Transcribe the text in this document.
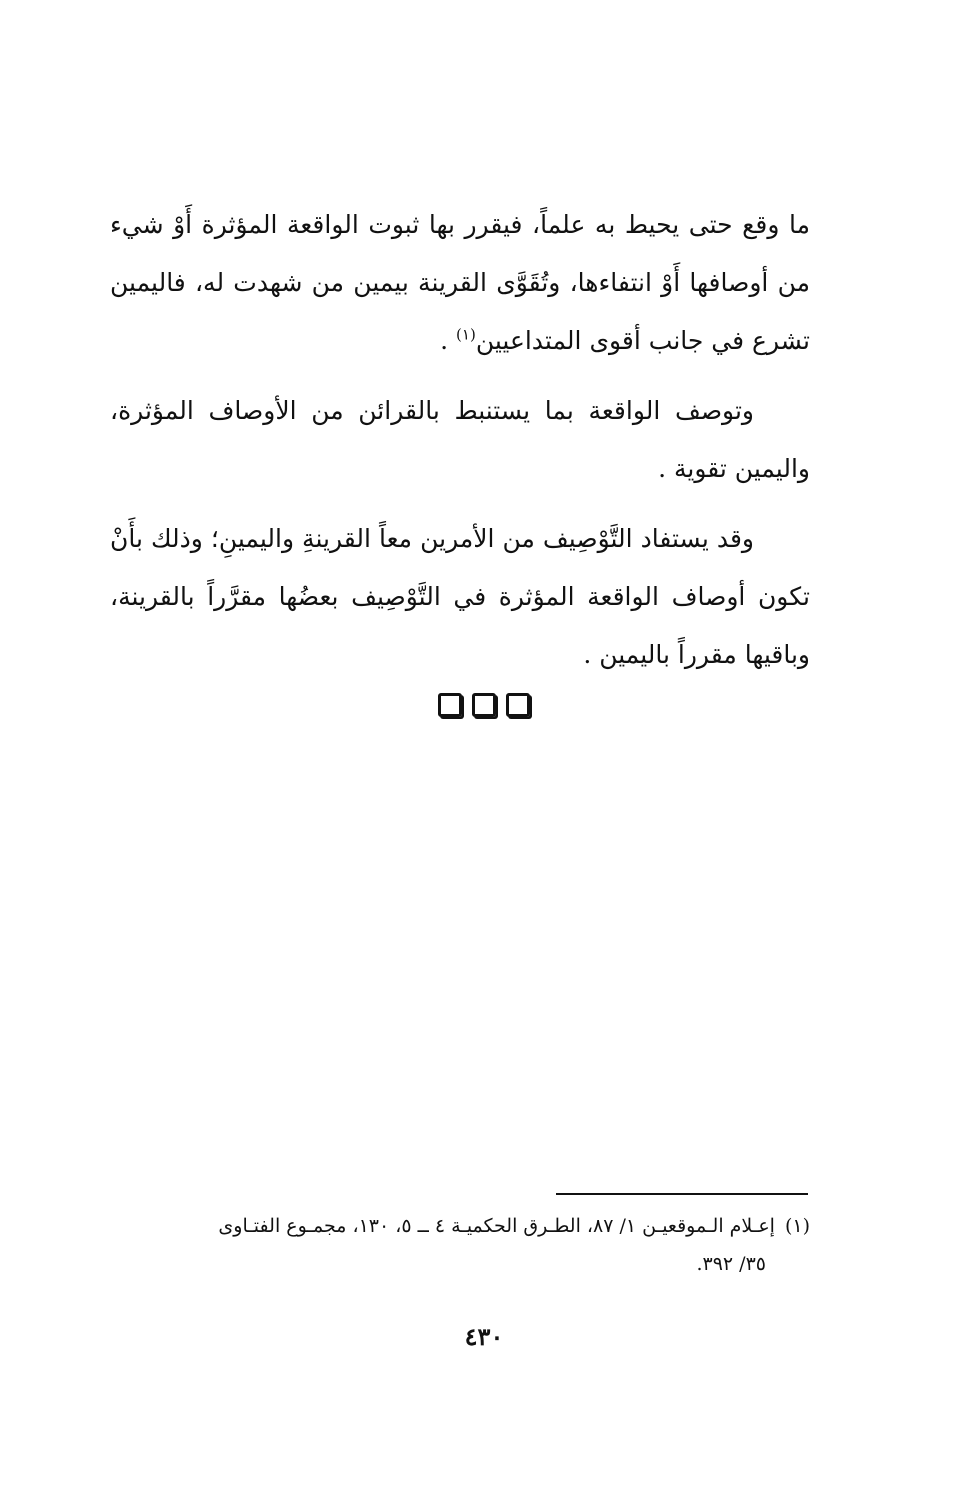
ما وقع حتى يحيط به علماً، فيقرر بها ثبوت الواقعة المؤثرة أَوْ شيء من أوصافها أَوْ انتفاءها، وتُقَوَّى القرينة بيمين من شهدت له، فاليمين تشرع في جانب أقوى المتداعيين$^{(١)}$ .

وتوصف الواقعة بما يستنبط بالقرائن من الأوصاف المؤثرة، واليمين تقوية .

وقد يستفاد التَّوْصِيف من الأمرين معاً القرينةِ واليمينِ؛ وذلك بأَنْ تكون أوصاف الواقعة المؤثرة في التَّوْصِيف بعضُها مقرَّراً بالقرينة، وباقيها مقرراً باليمين .

(١)إعـلام الـموقعيـن ١/ ٨٧، الطـرق الحكميـة ٤ ــ ٥، ١٣٠، مجمـوع الفتـاوى
٣٥/ ٣٩٢.
٤٣٠
